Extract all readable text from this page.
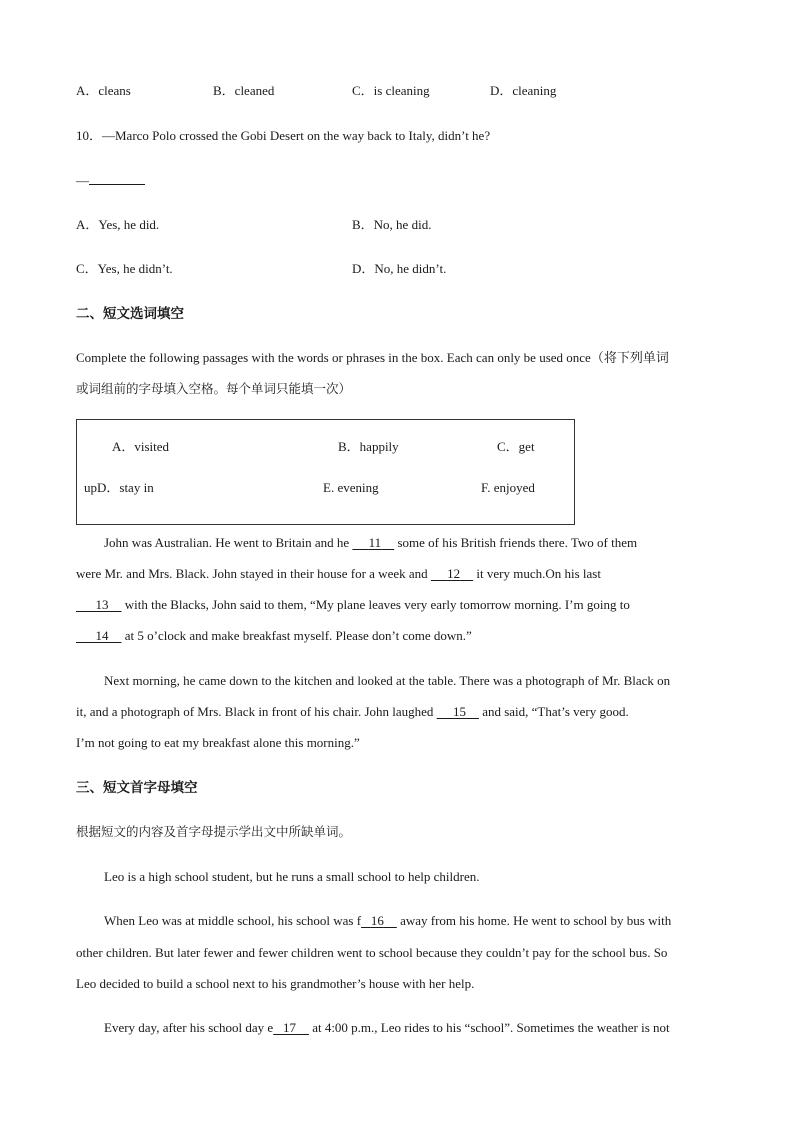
A．cleans	B．cleaned	C．is cleaning	D．cleaning
10．—Marco Polo crossed the Gobi Desert on the way back to Italy, didn’t he?
—
A．Yes, he did.	B．No, he did.
C．Yes, he didn’t.	D．No, he didn’t.
二、短文选词填空
Complete the following passages with the words or phrases in the box. Each can only be used once（将下列单词
或词组前的字母填入空格。每个单词只能填一次）
A．visited	B．happily	C．get
upD．stay in	E. evening	F. enjoyed
John was Australian. He went to Britain and he      11     some of his British friends there. Two of them
were Mr. and Mrs. Black. John stayed in their house for a week and      12     it very much.On his last
13     with the Blacks, John said to them, “My plane leaves very early tomorrow morning. I’m going to
14     at 5 o’clock and make breakfast myself. Please don’t come down.”
Next morning, he came down to the kitchen and looked at the table. There was a photograph of Mr. Black on
it, and a photograph of Mrs. Black in front of his chair. John laughed      15     and said, “That’s very good.
I’m not going to eat my breakfast alone this morning.”
三、短文首字母填空
根据短文的内容及首字母提示学出文中所缺单词。
Leo is a high school student, but he runs a small school to help children.
When Leo was at middle school, his school was f 16     away from his home. He went to school by bus with
other children. But later fewer and fewer children went to school because they couldn’t pay for the school bus. So
Leo decided to build a school next to his grandmother’s house with her help.
Every day, after his school day e 17     at 4:00 p.m., Leo rides to his “school”. Sometimes the weather is not
